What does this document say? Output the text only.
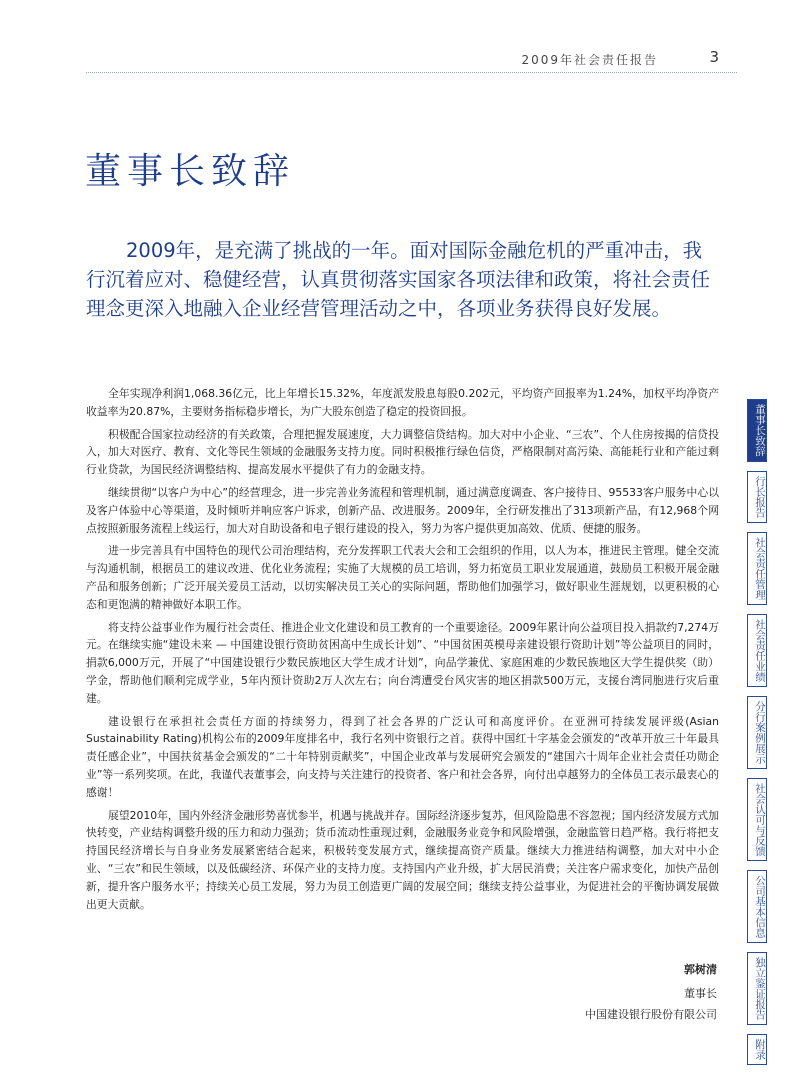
2009年社会责任报告	3
董事长致辞

2009年，是充满了挑战的一年。面对国际金融危机的严重冲击，我行沉着应对、稳健经营，认真贯彻落实国家各项法律和政策，将社会责任理念更深入地融入企业经营管理活动之中，各项业务获得良好发展。

全年实现净利润1,068.36亿元，比上年增长15.32%，年度派发股息每股0.202元，平均资产回报率为1.24%，加权平均净资产收益率为20.87%，主要财务指标稳步增长，为广大股东创造了稳定的投资回报。

积极配合国家拉动经济的有关政策，合理把握发展速度，大力调整信贷结构。加大对中小企业、“三农”、个人住房按揭的信贷投入，加大对医疗、教育、文化等民生领域的金融服务支持力度。同时积极推行绿色信贷，严格限制对高污染、高能耗行业和产能过剩行业贷款，为国民经济调整结构、提高发展水平提供了有力的金融支持。

继续贯彻“以客户为中心”的经营理念，进一步完善业务流程和管理机制，通过满意度调查、客户接待日、95533客户服务中心以及客户体验中心等渠道，及时倾听并响应客户诉求，创新产品、改进服务。2009年，全行研发推出了313项新产品，有12,968个网点按照新服务流程上线运行，加大对自助设备和电子银行建设的投入，努力为客户提供更加高效、优质、便捷的服务。

进一步完善具有中国特色的现代公司治理结构，充分发挥职工代表大会和工会组织的作用，以人为本，推进民主管理。健全交流与沟通机制，根据员工的建议改进、优化业务流程；实施了大规模的员工培训，努力拓宽员工职业发展通道，鼓励员工积极开展金融产品和服务创新；广泛开展关爱员工活动，以切实解决员工关心的实际问题，帮助他们加强学习，做好职业生涯规划，以更积极的心态和更饱满的精神做好本职工作。

将支持公益事业作为履行社会责任、推进企业文化建设和员工教育的一个重要途径。2009年累计向公益项目投入捐款约7,274万元。在继续实施“建设未来 — 中国建设银行资助贫困高中生成长计划”、“中国贫困英模母亲建设银行资助计划”等公益项目的同时，捐款6,000万元，开展了“中国建设银行少数民族地区大学生成才计划”，向品学兼优、家庭困难的少数民族地区大学生提供奖（助）学金，帮助他们顺利完成学业，5年内预计资助2万人次左右；向台湾遭受台风灾害的地区捐款500万元，支援台湾同胞进行灾后重建。

建设银行在承担社会责任方面的持续努力，得到了社会各界的广泛认可和高度评价。在亚洲可持续发展评级(Asian Sustainability Rating)机构公布的2009年度排名中，我行名列中资银行之首。获得中国红十字基金会颁发的“改革开放三十年最具责任感企业”，中国扶贫基金会颁发的“二十年特别贡献奖”，中国企业改革与发展研究会颁发的“建国六十周年企业社会责任功勋企业”等一系列奖项。在此，我谨代表董事会，向支持与关注建行的投资者、客户和社会各界，向付出卓越努力的全体员工表示最衷心的感谢！

展望2010年，国内外经济金融形势喜忧参半，机遇与挑战并存。国际经济逐步复苏，但风险隐患不容忽视；国内经济发展方式加快转变，产业结构调整升级的压力和动力强劲；货币流动性重现过剩，金融服务业竞争和风险增强，金融监管日趋严格。我行将把支持国民经济增长与自身业务发展紧密结合起来，积极转变发展方式，继续提高资产质量。继续大力推进结构调整，加大对中小企业、“三农”和民生领域，以及低碳经济、环保产业的支持力度。支持国内产业升级，扩大居民消费；关注客户需求变化，加快产品创新，提升客户服务水平；持续关心员工发展，努力为员工创造更广阔的发展空间；继续支持公益事业，为促进社会的平衡协调发展做出更大贡献。

郭树清
董事长
中国建设银行股份有限公司
董事长致辞
行长报告
社会责任管理
社会责任业绩
分行案例展示
社会认可与反馈
公司基本信息
独立鉴证报告
附录
